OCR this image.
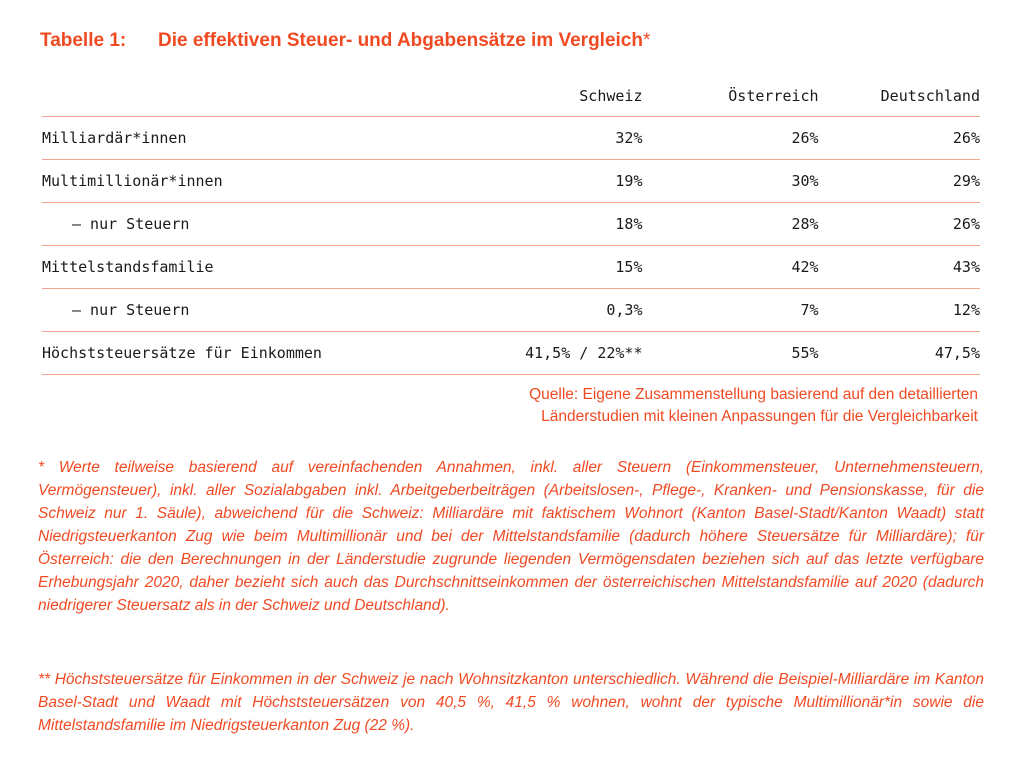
Tabelle 1: Die effektiven Steuer- und Abgabensätze im Vergleich*
	Schweiz	Österreich	Deutschland
Milliardär*innen	32%	26%	26%
Multimillionär*innen	19%	30%	29%
— nur Steuern	18%	28%	26%
Mittelstandsfamilie	15%	42%	43%
— nur Steuern	0,3%	7%	12%
Höchststeuersätze für Einkommen	41,5% / 22%**	55%	47,5%
Quelle: Eigene Zusammenstellung basierend auf den detaillierten
Länderstudien mit kleinen Anpassungen für die Vergleichbarkeit
* Werte teilweise basierend auf vereinfachenden Annahmen, inkl. aller Steuern (Einkommensteuer, Unternehmensteuern, Vermögensteuer), inkl. aller Sozialabgaben inkl. Arbeitgeberbeiträgen (Arbeitslosen-, Pflege-, Kranken- und Pensionskasse, für die Schweiz nur 1. Säule), abweichend für die Schweiz: Milliardäre mit faktischem Wohnort (Kanton Basel-Stadt/Kanton Waadt) statt Niedrigsteuerkanton Zug wie beim Multimillionär und bei der Mittelstandsfamilie (dadurch höhere Steuersätze für Milliardäre); für Österreich: die den Berechnungen in der Länderstudie zugrunde liegenden Vermögensdaten beziehen sich auf das letzte verfügbare Erhebungsjahr 2020, daher bezieht sich auch das Durchschnittseinkommen der österreichischen Mittelstandsfamilie auf 2020 (dadurch niedrigerer Steuersatz als in der Schweiz und Deutschland).
** Höchststeuersätze für Einkommen in der Schweiz je nach Wohnsitzkanton unterschiedlich. Während die Beispiel-Milliardäre im Kanton Basel-Stadt und Waadt mit Höchststeuersätzen von 40,5 %, 41,5 % wohnen, wohnt der typische Multimillionär*in sowie die Mittelstandsfamilie im Niedrigsteuerkanton Zug (22 %).
